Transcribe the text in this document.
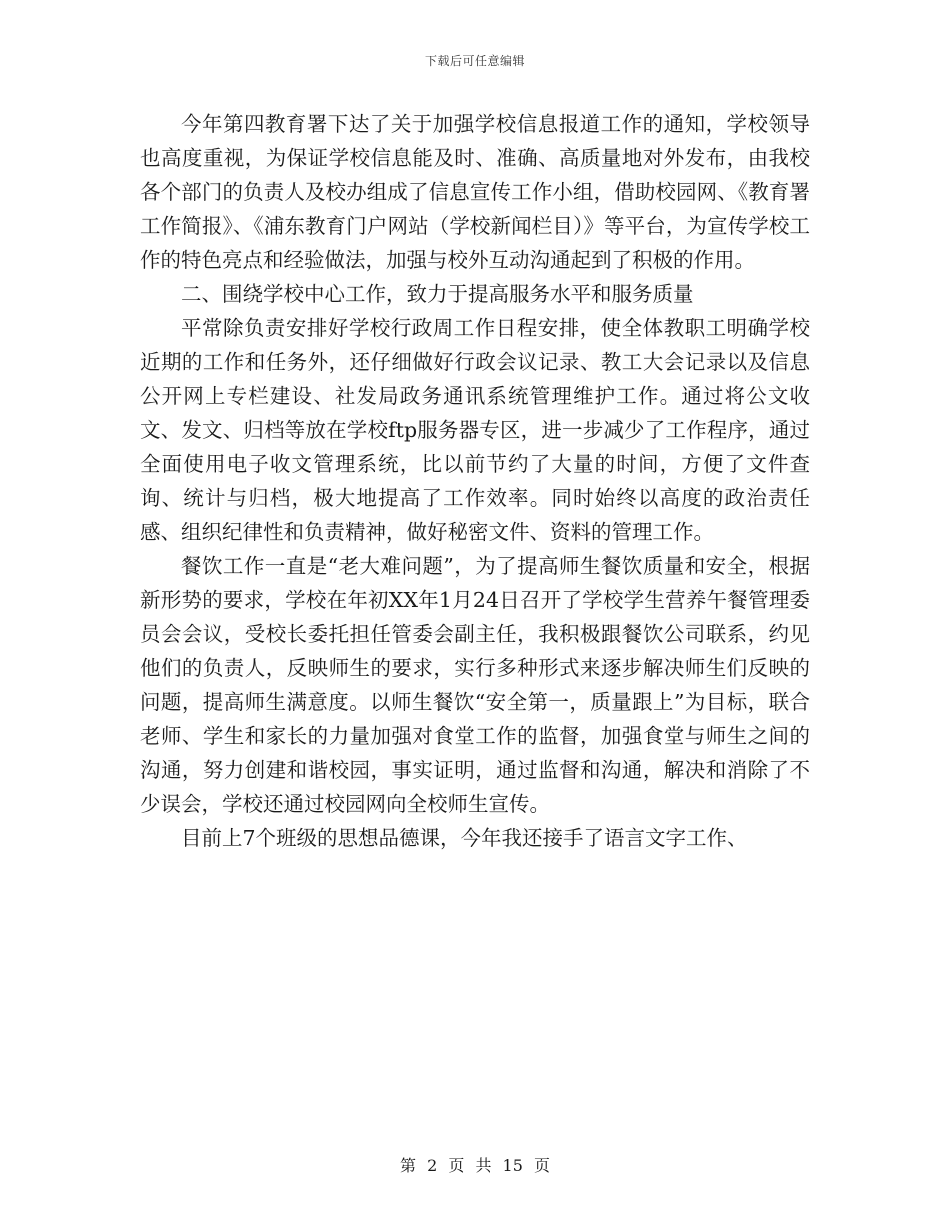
下载后可任意编辑

今年第四教育署下达了关于加强学校信息报道工作的通知，学校领导也高度重视，为保证学校信息能及时、准确、高质量地对外发布，由我校各个部门的负责人及校办组成了信息宣传工作小组，借助校园网、《教育署工作简报》、《浦东教育门户网站（学校新闻栏目）》等平台，为宣传学校工作的特色亮点和经验做法，加强与校外互动沟通起到了积极的作用。

二、围绕学校中心工作，致力于提高服务水平和服务质量

平常除负责安排好学校行政周工作日程安排，使全体教职工明确学校近期的工作和任务外，还仔细做好行政会议记录、教工大会记录以及信息公开网上专栏建设、社发局政务通讯系统管理维护工作。通过将公文收文、发文、归档等放在学校ftp服务器专区，进一步减少了工作程序，通过全面使用电子收文管理系统，比以前节约了大量的时间，方便了文件查询、统计与归档，极大地提高了工作效率。同时始终以高度的政治责任感、组织纪律性和负责精神，做好秘密文件、资料的管理工作。

餐饮工作一直是“老大难问题”，为了提高师生餐饮质量和安全，根据新形势的要求，学校在年初XX年1月24日召开了学校学生营养午餐管理委员会会议，受校长委托担任管委会副主任，我积极跟餐饮公司联系，约见他们的负责人，反映师生的要求，实行多种形式来逐步解决师生们反映的问题，提高师生满意度。以师生餐饮“安全第一，质量跟上”为目标，联合老师、学生和家长的力量加强对食堂工作的监督，加强食堂与师生之间的沟通，努力创建和谐校园，事实证明，通过监督和沟通，解决和消除了不少误会，学校还通过校园网向全校师生宣传。

目前上7个班级的思想品德课，今年我还接手了语言文字工作、

第 2 页 共 15 页
